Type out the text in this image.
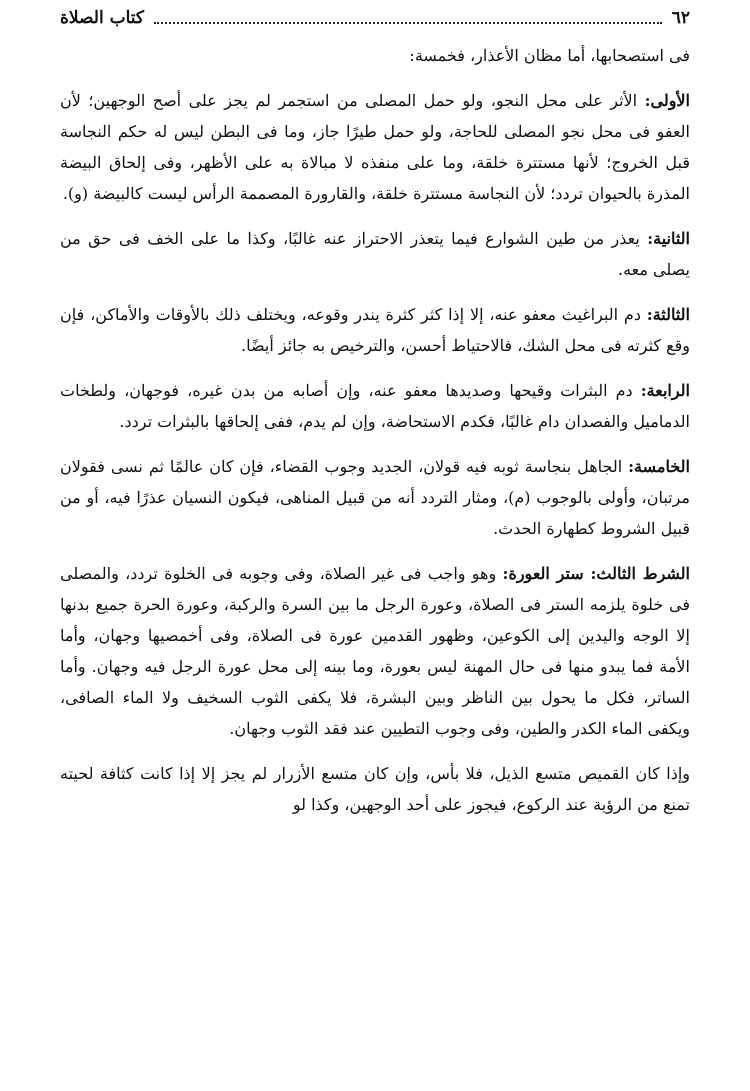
٦٢
كتاب الصلاة

فى استصحابها، أما مظان الأعذار، فخمسة:

الأولى: الأثر على محل النجو، ولو حمل المصلى من استجمر لم يجز على أصح الوجهين؛ لأن العفو فى محل نجو المصلى للحاجة، ولو حمل طيرًا جاز، وما فى البطن ليس له حكم النجاسة قبل الخروج؛ لأنها مستترة خلقة، وما على منفذه لا مبالاة به على الأظهر، وفى إلحاق البيضة المذرة بالحيوان تردد؛ لأن النجاسة مستترة خلقة، والقارورة المصممة الرأس ليست كالبيضة (و).

الثانية: يعذر من طين الشوارع فيما يتعذر الاحتراز عنه غالبًا، وكذا ما على الخف فى حق من يصلى معه.

الثالثة: دم البراغيث معفو عنه، إلا إذا كثر كثرة يندر وقوعه، ويختلف ذلك بالأوقات والأماكن، فإن وقع كثرته فى محل الشك، فالاحتياط أحسن، والترخيص به جائز أيضًا.

الرابعة: دم البثرات وقيحها وصديدها معفو عنه، وإن أصابه من بدن غيره، فوجهان، ولطخات الدماميل والفصدان دام غالبًا، فكدم الاستحاضة، وإن لم يدم، ففى إلحاقها بالبثرات تردد.

الخامسة: الجاهل بنجاسة ثوبه فيه قولان، الجديد وجوب القضاء، فإن كان عالمًا ثم نسى فقولان مرتبان، وأولى بالوجوب (م)، ومثار التردد أنه من قبيل المناهى، فيكون النسيان عذرًا فيه، أو من قبيل الشروط كطهارة الحدث.

الشرط الثالث: ستر العورة: وهو واجب فى غير الصلاة، وفى وجوبه فى الخلوة تردد، والمصلى فى خلوة يلزمه الستر فى الصلاة، وعورة الرجل ما بين السرة والركبة، وعورة الحرة جميع بدنها إلا الوجه واليدين إلى الكوعين، وظهور القدمين عورة فى الصلاة، وفى أخمصيها وجهان، وأما الأمة فما يبدو منها فى حال المهنة ليس بعورة، وما بينه إلى محل عورة الرجل فيه وجهان. وأما الساتر، فكل ما يحول بين الناظر وبين البشرة، فلا يكفى الثوب السخيف ولا الماء الصافى، ويكفى الماء الكدر والطين، وفى وجوب التطيين عند فقد الثوب وجهان.

وإذا كان القميص متسع الذيل، فلا بأس، وإن كان متسع الأزرار لم يجز إلا إذا كانت كثافة لحيته تمنع من الرؤية عند الركوع، فيجوز على أحد الوجهين، وكذا لو
